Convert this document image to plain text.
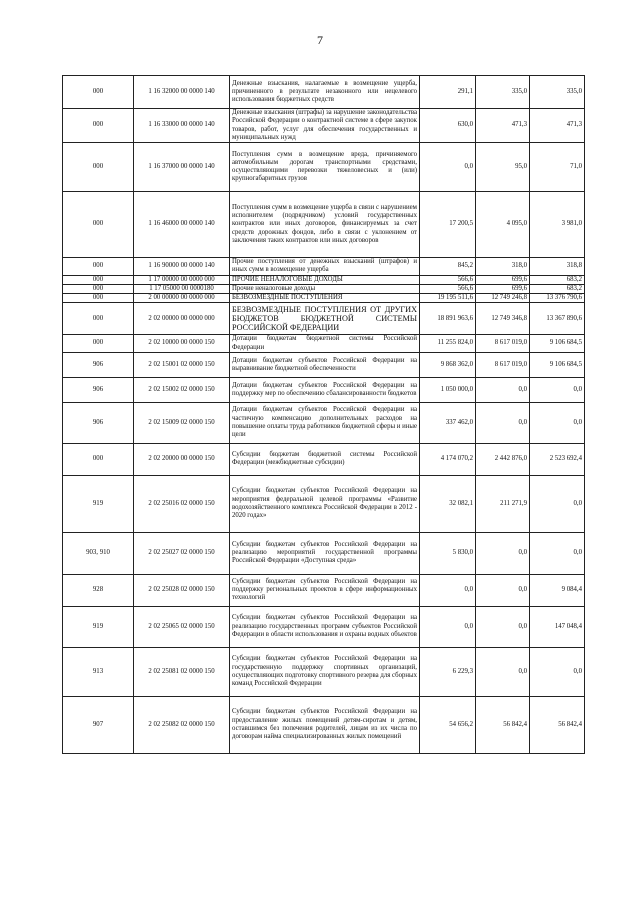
7
000	1 16 32000 00 0000 140	Денежные взыскания, налагаемые в возмещение ущерба, причиненного в результате незаконного или нецелевого использования бюджетных средств	291,1	335,0	335,0
000	1 16 33000 00 0000 140	Денежные взыскания (штрафы) за нарушение законодательства Российской Федерации о контрактной системе в сфере закупок товаров, работ, услуг для обеспечения государственных и муниципальных нужд	630,0	471,3	471,3
000	1 16 37000 00 0000 140	Поступления сумм в возмещение вреда, причиняемого автомобильным дорогам транспортными средствами, осуществляющими перевозки тяжеловесных и (или) крупногабаритных грузов	0,0	95,0	71,0
000	1 16 46000 00 0000 140	Поступления сумм в возмещение ущерба в связи с нарушением исполнителем (подрядчиком) условий государственных контрактов или иных договоров, финансируемых за счет средств дорожных фондов, либо в связи с уклонением от заключения таких контрактов или иных договоров	17 200,5	4 095,0	3 981,0
000	1 16 90000 00 0000 140	Прочие поступления от денежных взысканий (штрафов) и иных сумм в возмещение ущерба	845,2	318,0	318,8
000	1 17 00000 00 0000 000	ПРОЧИЕ НЕНАЛОГОВЫЕ ДОХОДЫ	566,6	699,6	683,2
000	1 17 05000 00 0000180	Прочие неналоговые доходы	566,6	699,6	683,2
000	2 00 00000 00 0000 000	БЕЗВОЗМЕЗДНЫЕ ПОСТУПЛЕНИЯ	19 195 511,6	12 749 246,8	13 376 790,6
000	2 02 00000 00 0000 000	БЕЗВОЗМЕЗДНЫЕ ПОСТУПЛЕНИЯ ОТ ДРУГИХ БЮДЖЕТОВ БЮДЖЕТНОЙ СИСТЕМЫ РОССИЙСКОЙ ФЕДЕРАЦИИ	18 891 963,6	12 749 346,8	13 367 890,6
000	2 02 10000 00 0000 150	Дотации бюджетам бюджетной системы Российской Федерации	11 255 824,0	8 617 019,0	9 106 684,5
906	2 02 15001 02 0000 150	Дотации бюджетам субъектов Российской Федерации на выравнивание бюджетной обеспеченности	9 868 362,0	8 617 019,0	9 106 684,5
906	2 02 15002 02 0000 150	Дотации бюджетам субъектов Российской Федерации на поддержку мер по обеспечению сбалансированности бюджетов	1 050 000,0	0,0	0,0
906	2 02 15009 02 0000 150	Дотации бюджетам субъектов Российской Федерации на частичную компенсацию дополнительных расходов на повышение оплаты труда работников бюджетной сферы и иные цели	337 462,0	0,0	0,0
000	2 02 20000 00 0000 150	Субсидии бюджетам бюджетной системы Российской Федерации (межбюджетные субсидии)	4 174 070,2	2 442 876,0	2 523 692,4
919	2 02 25016 02 0000 150	Субсидии бюджетам субъектов Российской Федерации на мероприятия федеральной целевой программы «Развитие водохозяйственного комплекса Российской Федерации в 2012 - 2020 годах»	32 082,1	211 271,9	0,0
903, 910	2 02 25027 02 0000 150	Субсидии бюджетам субъектов Российской Федерации на реализацию мероприятий государственной программы Российской Федерации «Доступная среда»	5 830,0	0,0	0,0
928	2 02 25028 02 0000 150	Субсидии бюджетам субъектов Российской Федерации на поддержку региональных проектов в сфере информационных технологий	0,0	0,0	9 084,4
919	2 02 25065 02 0000 150	Субсидии бюджетам субъектов Российской Федерации на реализацию государственных программ субъектов Российской Федерации в области использования и охраны водных объектов	0,0	0,0	147 048,4
913	2 02 25081 02 0000 150	Субсидии бюджетам субъектов Российской Федерации на государственную поддержку спортивных организаций, осуществляющих подготовку спортивного резерва для сборных команд Российской Федерации	6 229,3	0,0	0,0
907	2 02 25082 02 0000 150	Субсидии бюджетам субъектов Российской Федерации на предоставление жилых помещений детям-сиротам и детям, оставшимся без попечения родителей, лицам из их числа по договорам найма специализированных жилых помещений	54 656,2	56 842,4	56 842,4
